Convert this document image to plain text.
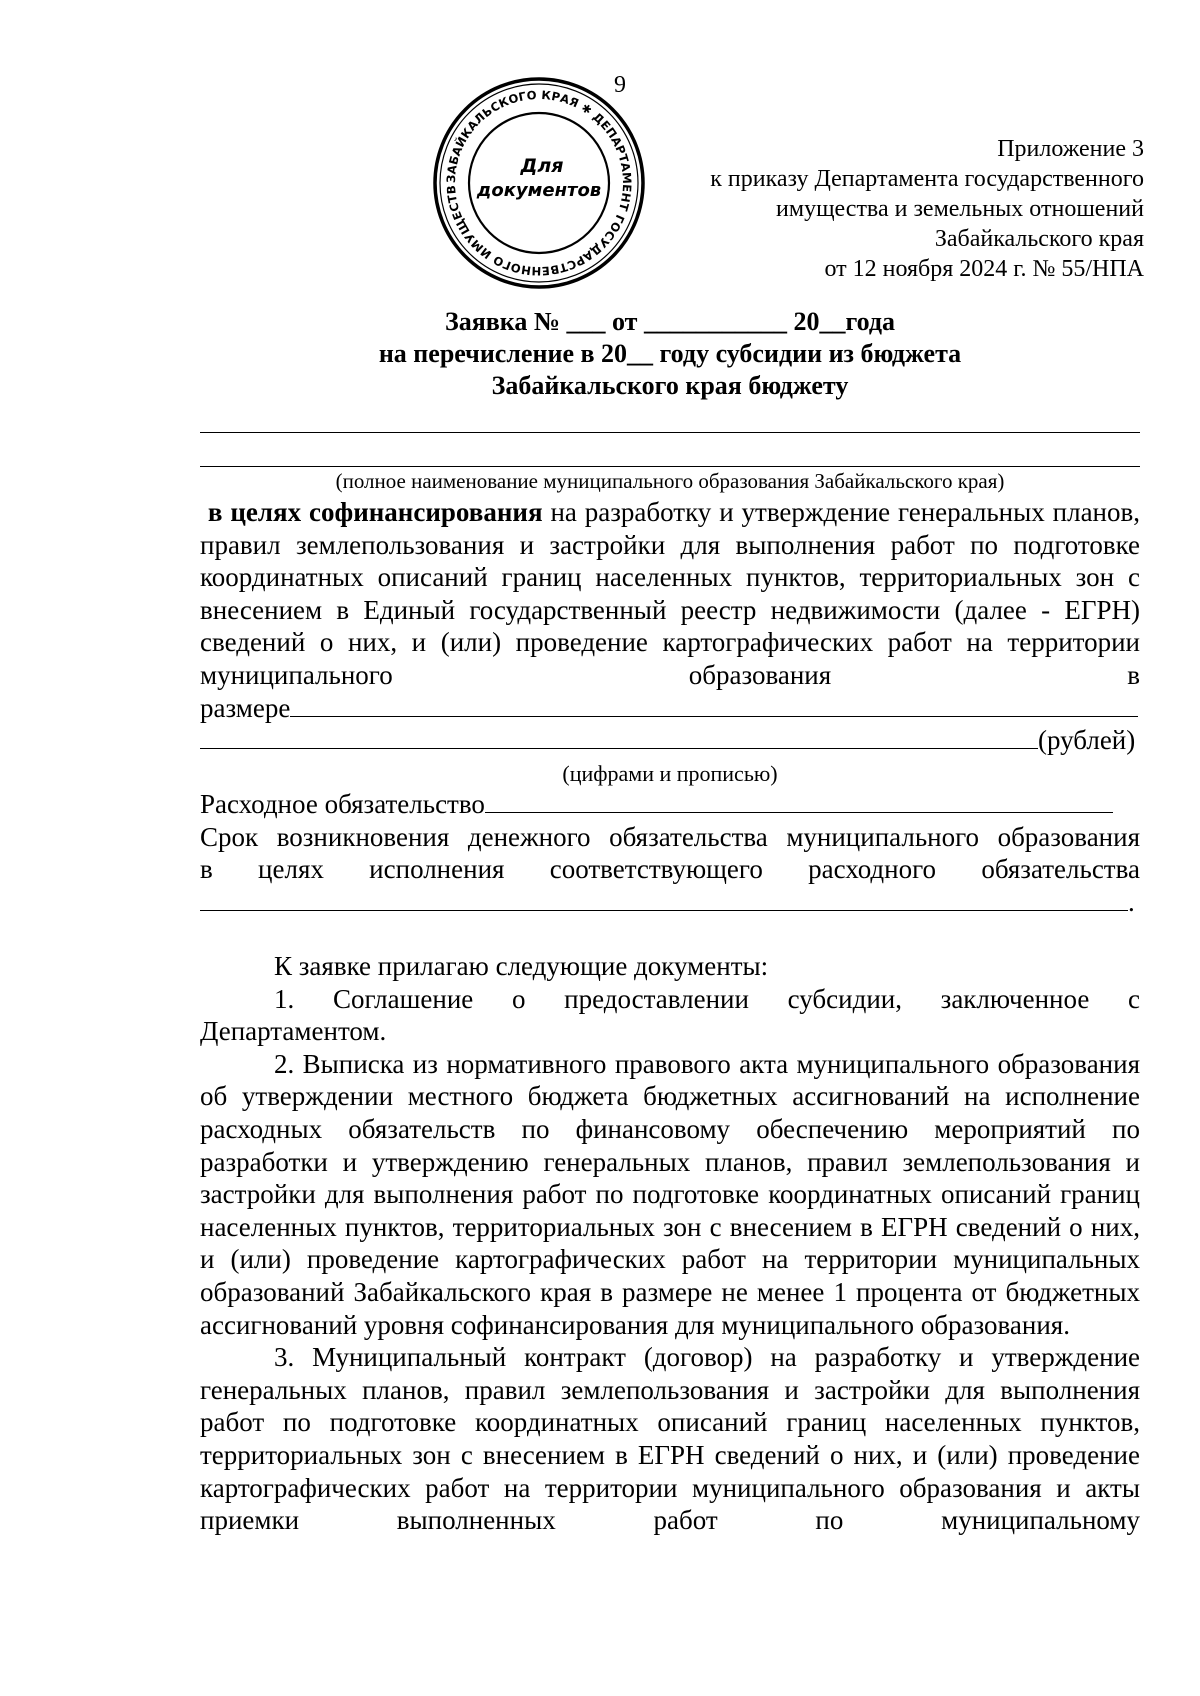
9
ЗАБАЙКАЛЬСКОГО КРАЯ ✱ ДЕПАРТАМЕНТ ГОСУДАРСТВЕННОГО ИМУЩЕСТВ
Для
документов
Приложение 3
к приказу Департамента государственного
имущества и земельных отношений
Забайкальского края
от 12 ноября 2024 г. № 55/НПА
Заявка № ___ от ___________ 20__года
на перечисление в 20__ году субсидии из бюджета
Забайкальского края бюджету
(полное наименование муниципального образования Забайкальского края)

в целях софинансирования на разработку и утверждение генеральных планов, правил землепользования и застройки для выполнения работ по подготовке координатных описаний границ населенных пунктов, территориальных зон с внесением в Единый государственный реестр недвижимости (далее - ЕГРН) сведений о них, и (или) проведение картографических работ на территории муниципального образования в

размере

(рублей)

(цифрами и прописью)

Расходное обязательство

Срок возникновения денежного обязательства муниципального образования

в целях исполнения соответствующего расходного обязательства

.

К заявке прилагаю следующие документы:

1. Соглашение о предоставлении субсидии, заключенное с Департаментом.

2. Выписка из нормативного правового акта муниципального образования об утверждении местного бюджета бюджетных ассигнований на исполнение расходных обязательств по финансовому обеспечению мероприятий по разработки и утверждению генеральных планов, правил землепользования и застройки для выполнения работ по подготовке координатных описаний границ населенных пунктов, территориальных зон с внесением в ЕГРН сведений о них, и (или) проведение картографических работ на территории муниципальных образований Забайкальского края в размере не менее 1 процента от бюджетных ассигнований уровня софинансирования для муниципального образования.

3. Муниципальный контракт (договор) на разработку и утверждение генеральных планов, правил землепользования и застройки для выполнения работ по подготовке координатных описаний границ населенных пунктов, территориальных зон с внесением в ЕГРН сведений о них, и (или) проведение картографических работ на территории муниципального образования и акты приемки выполненных работ по муниципальному
